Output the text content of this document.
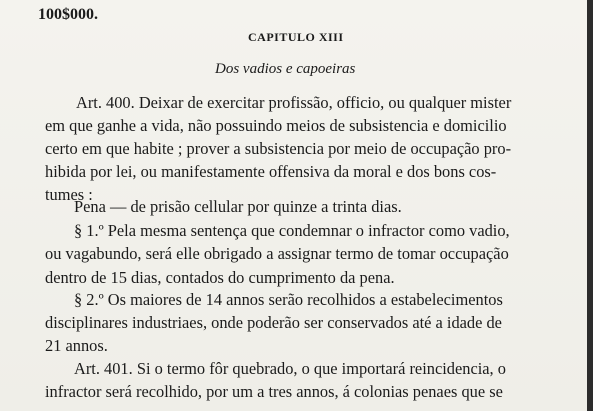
100$000.
CAPITULO XIII
Dos vadios e capoeiras
Art. 400. Deixar de exercitar profissão, officio, ou qualquer mister
em que ganhe a vida, não possuindo meios de subsistencia e domicilio
certo em que habite ; prover a subsistencia por meio de occupação pro-
hibida por lei, ou manifestamente offensiva da moral e dos bons cos-
tumes :
Pena — de prisão cellular por quinze a trinta dias.
§ 1.º Pela mesma sentença que condemnar o infractor como vadio,
ou vagabundo, será elle obrigado a assignar termo de tomar occupação
dentro de 15 dias, contados do cumprimento da pena.
§ 2.º Os maiores de 14 annos serão recolhidos a estabelecimentos
disciplinares industriaes, onde poderão ser conservados até a idade de
21 annos.
Art. 401. Si o termo fôr quebrado, o que importará reincidencia, o
infractor será recolhido, por um a tres annos, á colonias penaes que se
